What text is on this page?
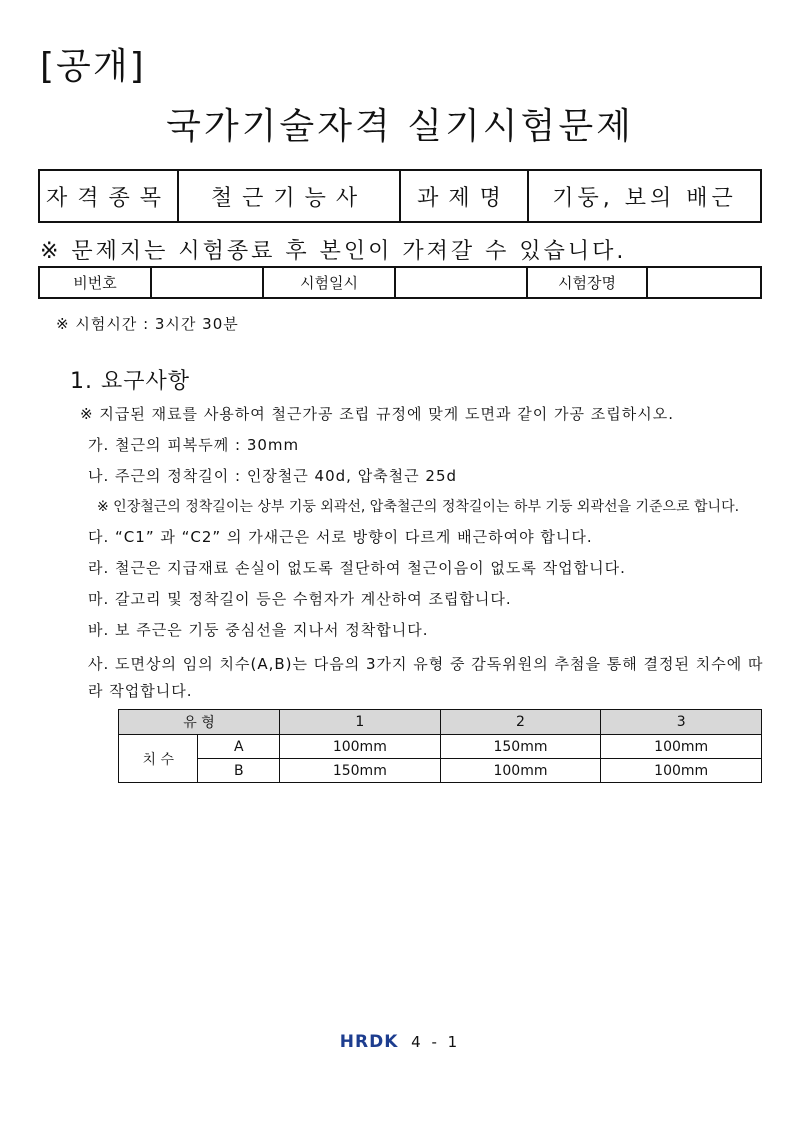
[공개]
국가기술자격 실기시험문제
자격종목	철근기능사	과제명	기둥, 보의 배근
※ 문제지는 시험종료 후 본인이 가져갈 수 있습니다.
비번호		시험일시		시험장명	
※ 시험시간 : 3시간 30분
1. 요구사항
※ 지급된 재료를 사용하여 철근가공 조립 규정에 맞게 도면과 같이 가공 조립하시오.
가. 철근의 피복두께 : 30mm
나. 주근의 정착길이 : 인장철근 40d, 압축철근 25d
※ 인장철근의 정착길이는 상부 기둥 외곽선, 압축철근의 정착길이는 하부 기둥 외곽선을 기준으로 합니다.
다. “C1” 과 “C2” 의 가새근은 서로 방향이 다르게 배근하여야 합니다.
라. 철근은 지급재료 손실이 없도록 절단하여 철근이음이 없도록 작업합니다.
마. 갈고리 및 정착길이 등은 수험자가 계산하여 조립합니다.
바. 보 주근은 기둥 중심선을 지나서 정착합니다.
사. 도면상의 임의 치수(A,B)는 다음의 3가지 유형 중 감독위원의 추첨을 통해 결정된 치수에 따라 작업합니다.
유 형		1	2	3
치 수	A	100mm	150mm	100mm
	B	150mm	100mm	100mm
HRDK 4 - 1
